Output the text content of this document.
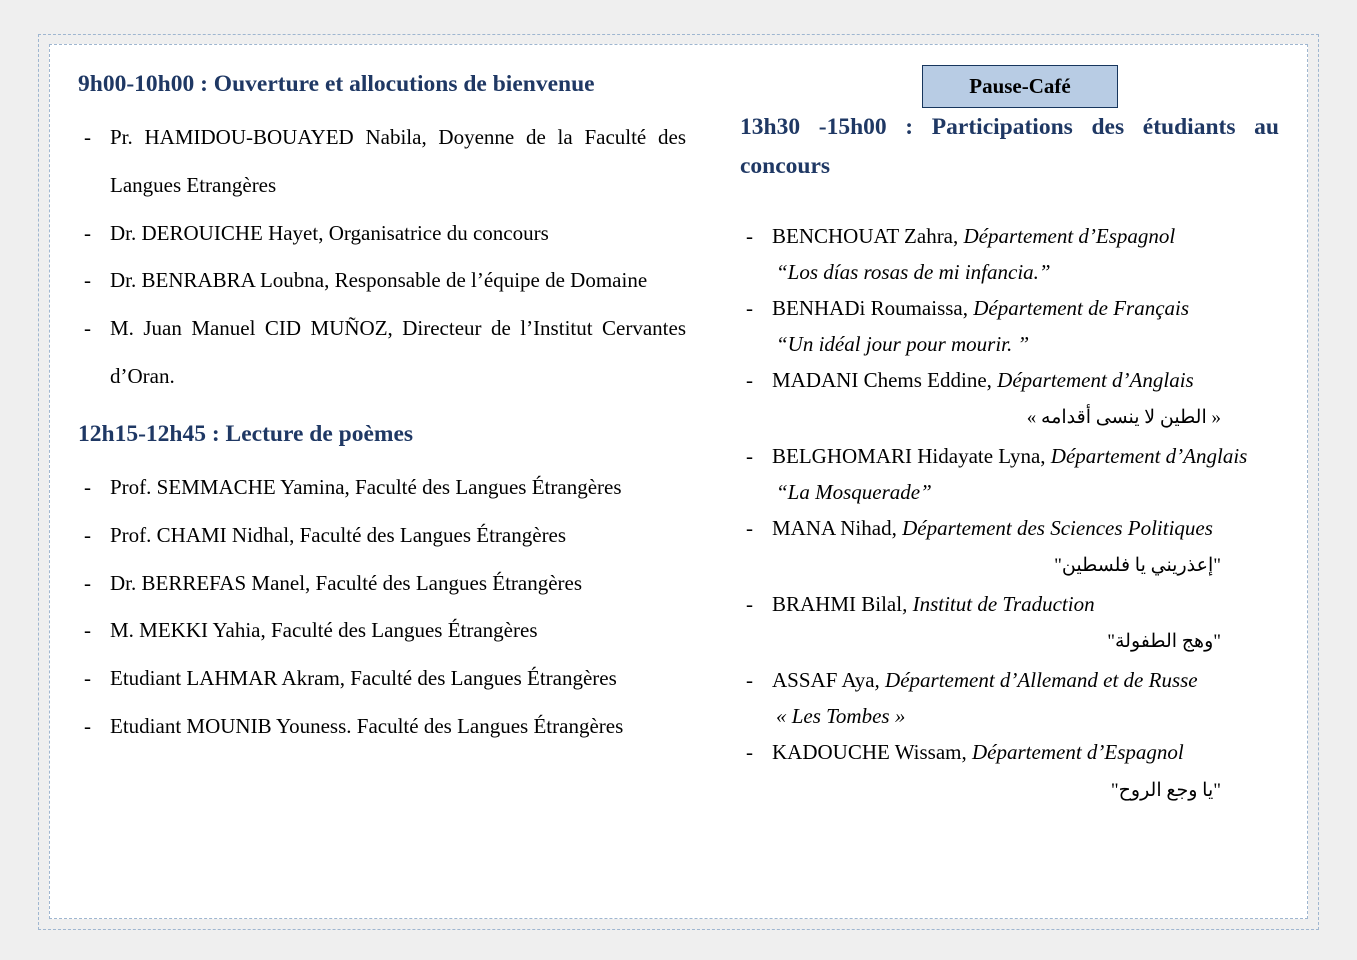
9h00-10h00 : Ouverture et allocutions de bienvenue
- Pr. HAMIDOU-BOUAYED Nabila, Doyenne de la Faculté des Langues Etrangères
- Dr. DEROUICHE Hayet, Organisatrice du concours
- Dr. BENRABRA Loubna, Responsable de l’équipe de Domaine
- M. Juan Manuel CID MUÑOZ, Directeur de l’Institut Cervantes d’Oran.
12h15-12h45 : Lecture de poèmes
- Prof. SEMMACHE Yamina, Faculté des Langues Étrangères
- Prof. CHAMI Nidhal, Faculté des Langues Étrangères
- Dr. BERREFAS Manel, Faculté des Langues Étrangères
- M. MEKKI Yahia, Faculté des Langues Étrangères
- Etudiant LAHMAR Akram, Faculté des Langues Étrangères
- Etudiant MOUNIB Youness. Faculté des Langues Étrangères
Pause-Café
13h30 -15h00 : Participations des étudiants au concours
- BENCHOUAT Zahra, Département d’Espagnol
“Los días rosas de mi infancia.”
- BENHADi Roumaissa, Département de Français
“Un idéal jour pour mourir. ”
- MADANI Chems Eddine, Département d’Anglais
« الطين لا ينسى أقدامه »
- BELGHOMARI Hidayate Lyna, Département d’Anglais
“La Mosquerade”
- MANA Nihad, Département des Sciences Politiques
"إعذريني يا فلسطين"
- BRAHMI Bilal, Institut de Traduction
"وهج الطفولة"
- ASSAF Aya, Département d’Allemand et de Russe
« Les Tombes »
- KADOUCHE Wissam, Département d’Espagnol
"يا وجع الروح"
